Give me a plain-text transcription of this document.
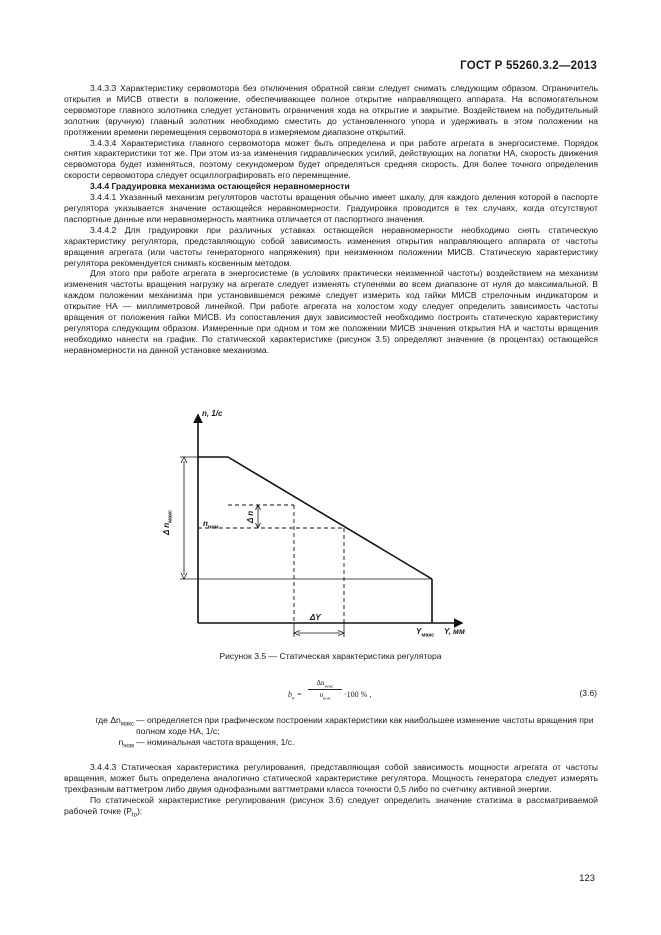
ГОСТ Р 55260.3.2—2013

3.4.3.3 Характеристику сервомотора без отключения обратной связи следует снимать следующим образом. Ограничитель открытия и МИСВ отвести в положение, обеспечивающее полное открытие направляющего аппарата. На вспомогательном сервомоторе главного золотника следует установить ограничения хода на открытие и закрытие. Воздействием на побудительный золотник (вручную) главный золотник необходимо сместить до установленного упора и удерживать в этом положении на протяжении времени перемещения сервомотора в измеряемом диапазоне открытий.

3.4.3.4 Характеристика главного сервомотора может быть определена и при работе агрегата в энергосистеме. Порядок снятия характеристики тот же. При этом из-за изменения гидравлических усилий, действующих на лопатки НА, скорость движения сервомотора будет изменяться, поэтому секундомером будет определяться средняя скорость. Для более точного определения скорости сервомотора следует осциллографировать его перемещение.

3.4.4 Градуировка механизма остающейся неравномерности

3.4.4.1 Указанный механизм регуляторов частоты вращения обычно имеет шкалу, для каждого деления которой в паспорте регулятора указывается значение остающейся неравномерности. Градуировка проводится в тех случаях, когда отсутствуют паспортные данные или неравномерность маятника отличается от паспортного значения.

3.4.4.2 Для градуировки при различных уставках остающейся неравномерности необходимо снять статическую характеристику регулятора, представляющую собой зависимость изменения открытия направляющего аппарата от частоты вращения агрегата (или частоты генераторного напряжения) при неизменном положении МИСВ. Статическую характеристику регулятора рекомендуется снимать косвенным методом.

Для этого при работе агрегата в энергосистеме (в условиях практически неизменной частоты) воздействием на механизм изменения частоты вращения нагрузку на агрегате следует изменять ступенями во всем диапазоне от нуля до максимальной. В каждом положении механизма при установившемся режиме следует измерить ход гайки МИСВ стрелочным индикатором и открытие НА — миллиметровой линейкой. При работе агрегата на холостом ходу следует определить зависимость частоты вращения от положения гайки МИСВ. Из сопоставления двух зависимостей необходимо построить статическую характеристику регулятора следующим образом. Измеренные при одном и том же положении МИСВ значения открытия НА и частоты вращения необходимо нанести на график. По статической характеристике (рисунок 3.5) определяют значение (в процентах) остающейся неравномерности на данной установке механизма.

n, 1/c
Y, мм
Δ $n_{макс}$	Δ n
$n_{ном}$
ΔY
$Y_{макс}$
Рисунок 3.5 — Статическая характеристика регулятора
$b_n$ =
$\Delta n_{макс}$
$n_{ном}$	·100 % ,	(3.6)
где $\Delta n_{макс}$ — определяется при графическом построении характеристики как наибольшее изменение частоты вращения при полном ходе НА, 1/с;
$n_{ном}$ — номинальная частота вращения, 1/с.

3.4.4.3 Статическая характеристика регулирования, представляющая собой зависимость мощности агрегата от частоты вращения, может быть определена аналогично статической характеристике регулятора. Мощность генератора следует измерять трехфазным ваттметром либо двумя однофазными ваттметрами класса точности 0,5 либо по счетчику активной энергии.

По статической характеристике регулирования (рисунок 3.6) следует определить значение статизма в рассматриваемой рабочей точке $(P_{to})$:

123
